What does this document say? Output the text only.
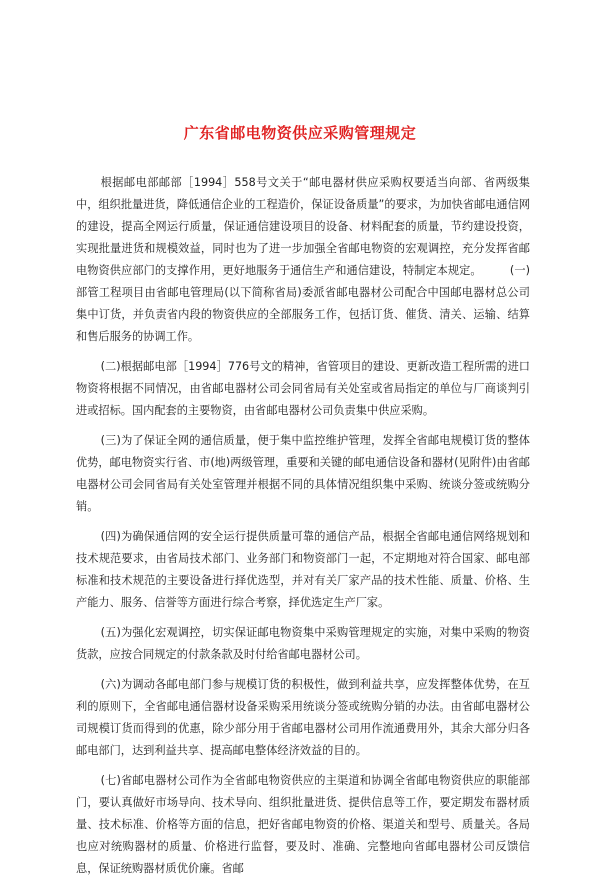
广东省邮电物资供应采购管理规定

根据邮电部邮部［1994］558号文关于“邮电器材供应采购权要适当向部、省两级集中，组织批量进货，降低通信企业的工程造价，保证设备质量”的要求，为加快省邮电通信网的建设，提高全网运行质量，保证通信建设项目的设备、材料配套的质量，节约建设投资，实现批量进货和规模效益，同时也为了进一步加强全省邮电物资的宏观调控，充分发挥省邮电物资供应部门的支撑作用，更好地服务于通信生产和通信建设，特制定本规定。　　　(一)部管工程项目由省邮电管理局(以下简称省局)委派省邮电器材公司配合中国邮电器材总公司集中订货，并负责省内段的物资供应的全部服务工作，包括订货、催货、清关、运输、结算和售后服务的协调工作。

(二)根据邮电部［1994］776号文的精神，省管项目的建设、更新改造工程所需的进口物资将根据不同情况，由省邮电器材公司会同省局有关处室或省局指定的单位与厂商谈判引进或招标。国内配套的主要物资，由省邮电器材公司负责集中供应采购。

(三)为了保证全网的通信质量，便于集中监控维护管理，发挥全省邮电规模订货的整体优势，邮电物资实行省、市(地)两级管理，重要和关键的邮电通信设备和器材(见附件)由省邮电器材公司会同省局有关处室管理并根据不同的具体情况组织集中采购、统谈分签或统购分销。

(四)为确保通信网的安全运行提供质量可靠的通信产品，根据全省邮电通信网络规划和技术规范要求，由省局技术部门、业务部门和物资部门一起，不定期地对符合国家、邮电部标准和技术规范的主要设备进行择优选型，并对有关厂家产品的技术性能、质量、价格、生产能力、服务、信誉等方面进行综合考察，择优选定生产厂家。

(五)为强化宏观调控，切实保证邮电物资集中采购管理规定的实施，对集中采购的物资货款，应按合同规定的付款条款及时付给省邮电器材公司。

(六)为调动各邮电部门参与规模订货的积极性，做到利益共享，应发挥整体优势，在互利的原则下，全省邮电通信器材设备采购采用统谈分签或统购分销的办法。由省邮电器材公司规模订货而得到的优惠，除少部分用于省邮电器材公司用作流通费用外，其余大部分归各邮电部门，达到利益共享、提高邮电整体经济效益的目的。

(七)省邮电器材公司作为全省邮电物资供应的主渠道和协调全省邮电物资供应的职能部门，要认真做好市场导向、技术导向、组织批量进货、提供信息等工作，要定期发布器材质量、技术标准、价格等方面的信息，把好省邮电物资的价格、渠道关和型号、质量关。各局也应对统购器材的质量、价格进行监督，要及时、准确、完整地向省邮电器材公司反馈信息，保证统购器材质优价廉。省邮
